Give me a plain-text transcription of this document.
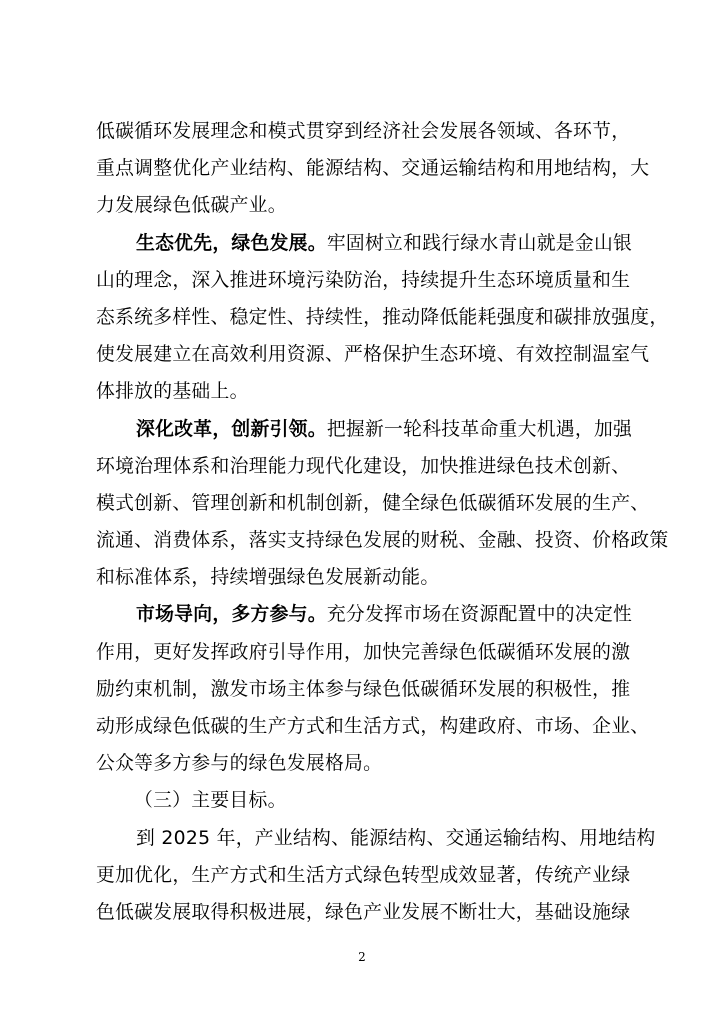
低碳循环发展理念和模式贯穿到经济社会发展各领域、各环节，
重点调整优化产业结构、能源结构、交通运输结构和用地结构，大
力发展绿色低碳产业。
生态优先，绿色发展。牢固树立和践行绿水青山就是金山银
山的理念，深入推进环境污染防治，持续提升生态环境质量和生
态系统多样性、稳定性、持续性，推动降低能耗强度和碳排放强度，
使发展建立在高效利用资源、严格保护生态环境、有效控制温室气
体排放的基础上。
深化改革，创新引领。把握新一轮科技革命重大机遇，加强
环境治理体系和治理能力现代化建设，加快推进绿色技术创新、
模式创新、管理创新和机制创新，健全绿色低碳循环发展的生产、
流通、消费体系，落实支持绿色发展的财税、金融、投资、价格政策
和标准体系，持续增强绿色发展新动能。
市场导向，多方参与。充分发挥市场在资源配置中的决定性
作用，更好发挥政府引导作用，加快完善绿色低碳循环发展的激
励约束机制，激发市场主体参与绿色低碳循环发展的积极性，推
动形成绿色低碳的生产方式和生活方式，构建政府、市场、企业、
公众等多方参与的绿色发展格局。
（三）主要目标。
到 2025 年，产业结构、能源结构、交通运输结构、用地结构
更加优化，生产方式和生活方式绿色转型成效显著，传统产业绿
色低碳发展取得积极进展，绿色产业发展不断壮大，基础设施绿
2
